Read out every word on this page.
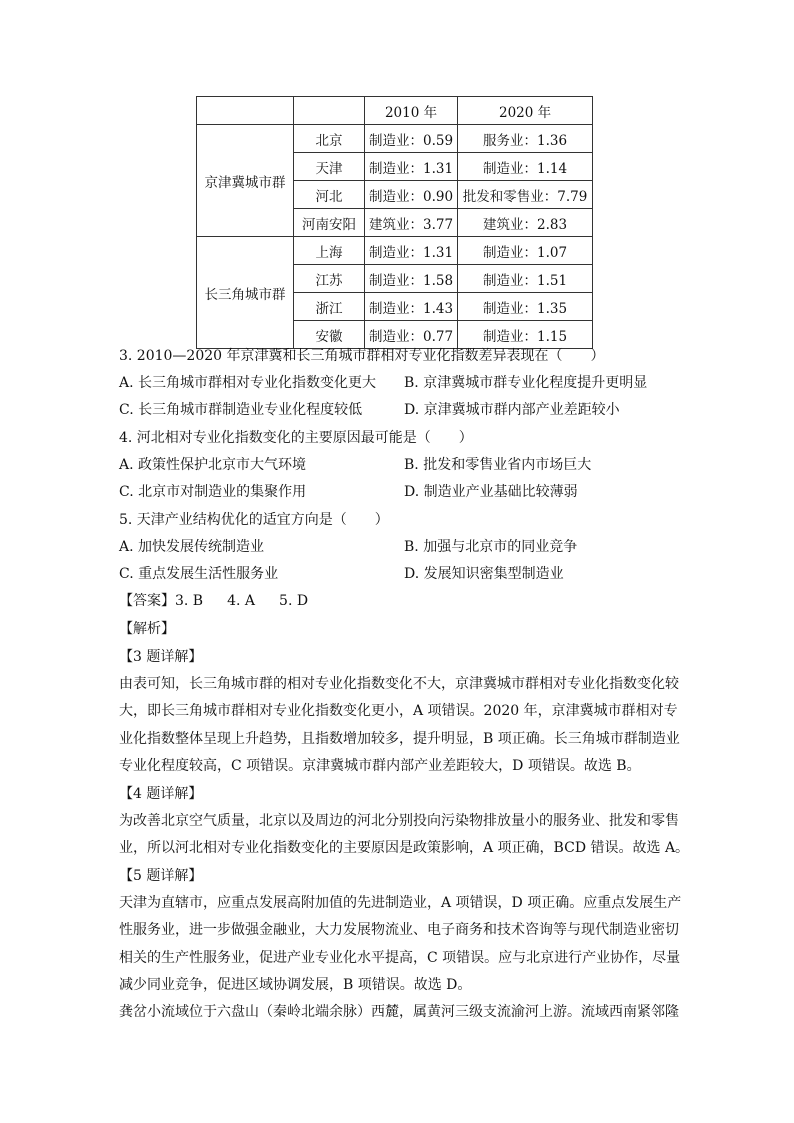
		2010 年	2020 年
京津冀城市群	北京	制造业：0.59	服务业：1.36
	天津	制造业：1.31	制造业：1.14
	河北	制造业：0.90	批发和零售业：7.79
	河南安阳	建筑业：3.77	建筑业：2.83
长三角城市群	上海	制造业：1.31	制造业：1.07
	江苏	制造业：1.58	制造业：1.51
	浙江	制造业：1.43	制造业：1.35
	安徽	制造业：0.77	制造业：1.15
3. 2010—2020 年京津冀和长三角城市群相对专业化指数差异表现在（　　）
A. 长三角城市群相对专业化指数变化更大 B. 京津冀城市群专业化程度提升更明显
C. 长三角城市群制造业专业化程度较低	D. 京津冀城市群内部产业差距较小
4. 河北相对专业化指数变化的主要原因最可能是（　　）
A. 政策性保护北京市大气环境	B. 批发和零售业省内市场巨大
C. 北京市对制造业的集聚作用	D. 制造业产业基础比较薄弱
5. 天津产业结构优化的适宜方向是（　　）
A. 加快发展传统制造业	B. 加强与北京市的同业竞争
C. 重点发展生活性服务业	D. 发展知识密集型制造业
【答案】3. B 4. A 5. D
【解析】
【3 题详解】
由表可知，长三角城市群的相对专业化指数变化不大，京津冀城市群相对专业化指数变化较
大，即长三角城市群相对专业化指数变化更小，A 项错误。2020 年，京津冀城市群相对专
业化指数整体呈现上升趋势，且指数增加较多，提升明显，B 项正确。长三角城市群制造业
专业化程度较高，C 项错误。京津冀城市群内部产业差距较大，D 项错误。故选 B。
【4 题详解】
为改善北京空气质量，北京以及周边的河北分别投向污染物排放量小的服务业、批发和零售
业，所以河北相对专业化指数变化的主要原因是政策影响，A 项正确，BCD 错误。故选 A。
【5 题详解】
天津为直辖市，应重点发展高附加值的先进制造业，A 项错误，D 项正确。应重点发展生产
性服务业，进一步做强金融业，大力发展物流业、电子商务和技术咨询等与现代制造业密切
相关的生产性服务业，促进产业专业化水平提高，C 项错误。应与北京进行产业协作，尽量
减少同业竞争，促进区域协调发展，B 项错误。故选 D。
龚岔小流域位于六盘山（秦岭北端余脉）西麓，属黄河三级支流渝河上游。流域西南紧邻隆
